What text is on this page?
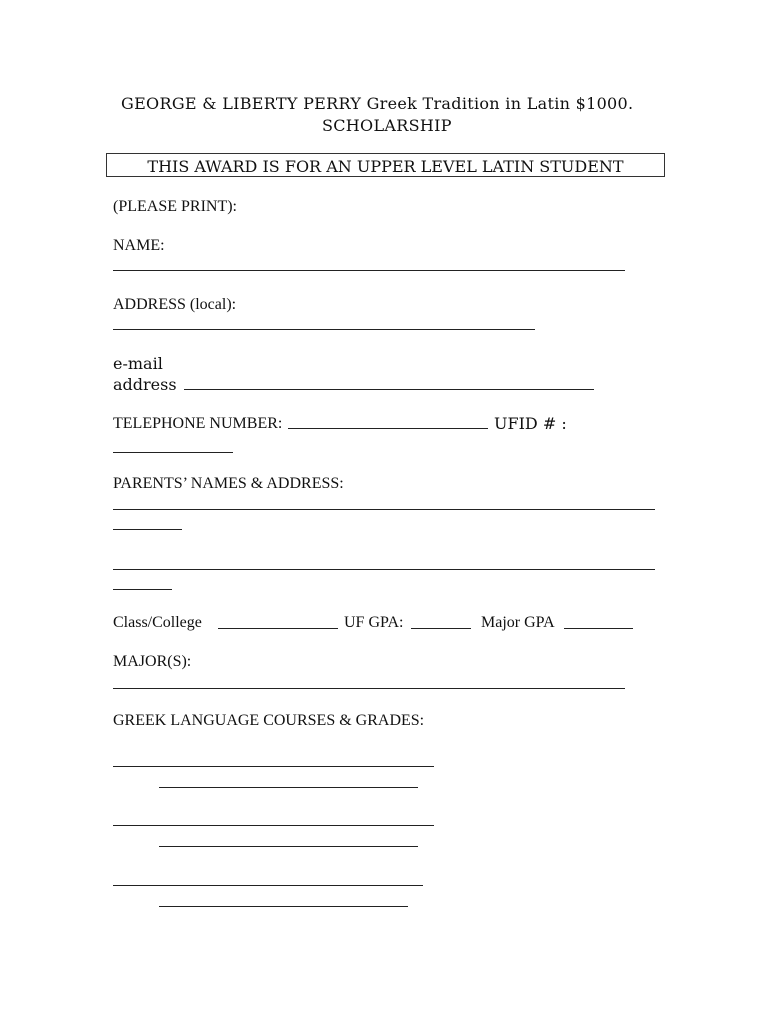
GEORGE & LIBERTY PERRY Greek Tradition in Latin $1000.
SCHOLARSHIP
THIS AWARD IS FOR AN UPPER LEVEL LATIN STUDENT
(PLEASE PRINT):
NAME:
ADDRESS (local):
e-mail
address
TELEPHONE NUMBER:	UFID # :
PARENTS’ NAMES & ADDRESS:
Class/College	UF GPA:	Major GPA
MAJOR(S):
GREEK LANGUAGE COURSES & GRADES:
